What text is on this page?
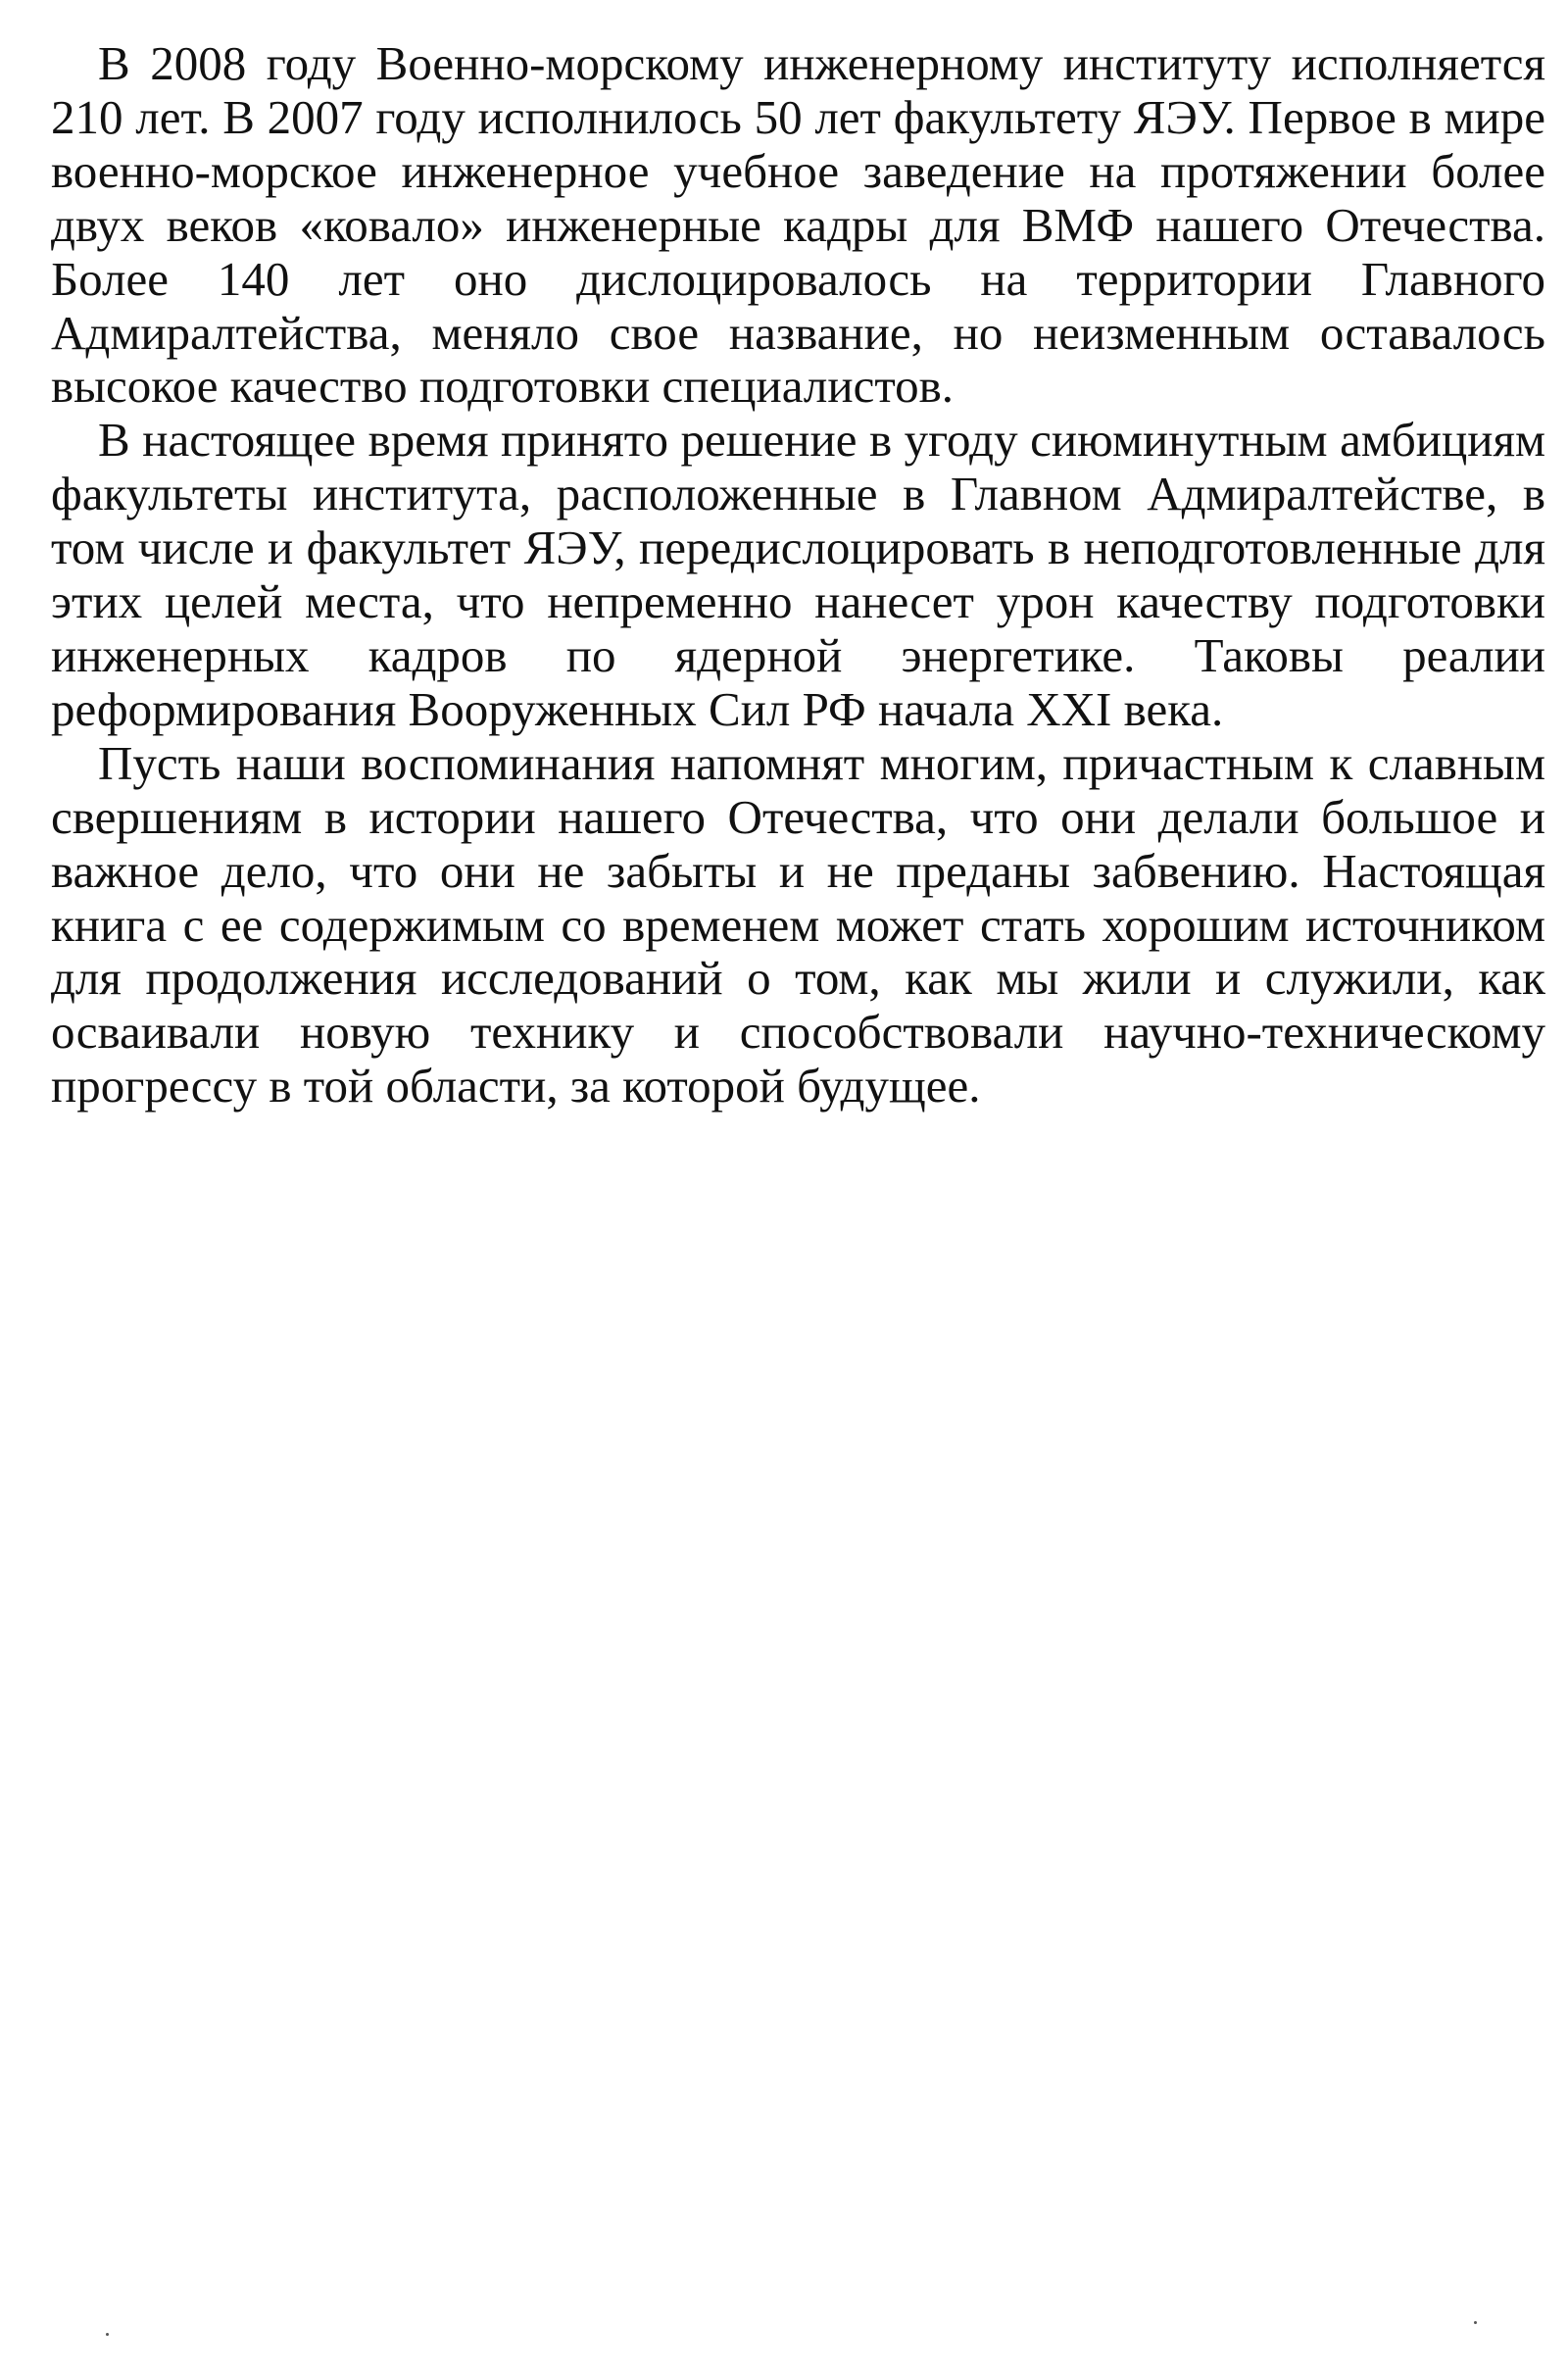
В 2008 году Военно-морскому инженерному институту исполняется 210 лет. В 2007 году исполнилось 50 лет факультету ЯЭУ. Первое в мире военно-морское инженерное учебное заведение на протяжении более двух веков «ковало» инженерные кадры для ВМФ нашего Отечества. Более 140 лет оно дислоцировалось на территории Главного Адмиралтейства, меняло свое название, но неизменным оставалось высокое качество подготовки специалистов.

В настоящее время принято решение в угоду сиюминутным амбициям факультеты института, расположенные в Главном Адмиралтействе, в том числе и факультет ЯЭУ, передислоцировать в неподготовленные для этих целей места, что непременно нанесет урон качеству подготовки инженерных кадров по ядерной энергетике. Таковы реалии реформирования Вооруженных Сил РФ начала XXI века.

Пусть наши воспоминания напомнят многим, причастным к славным свершениям в истории нашего Отечества, что они делали большое и важное дело, что они не забыты и не преданы забвению. Настоящая книга с ее содержимым со временем может стать хорошим источником для продолжения исследований о том, как мы жили и служили, как осваивали новую технику и способствовали научно-техническому прогрессу в той области, за которой будущее.
